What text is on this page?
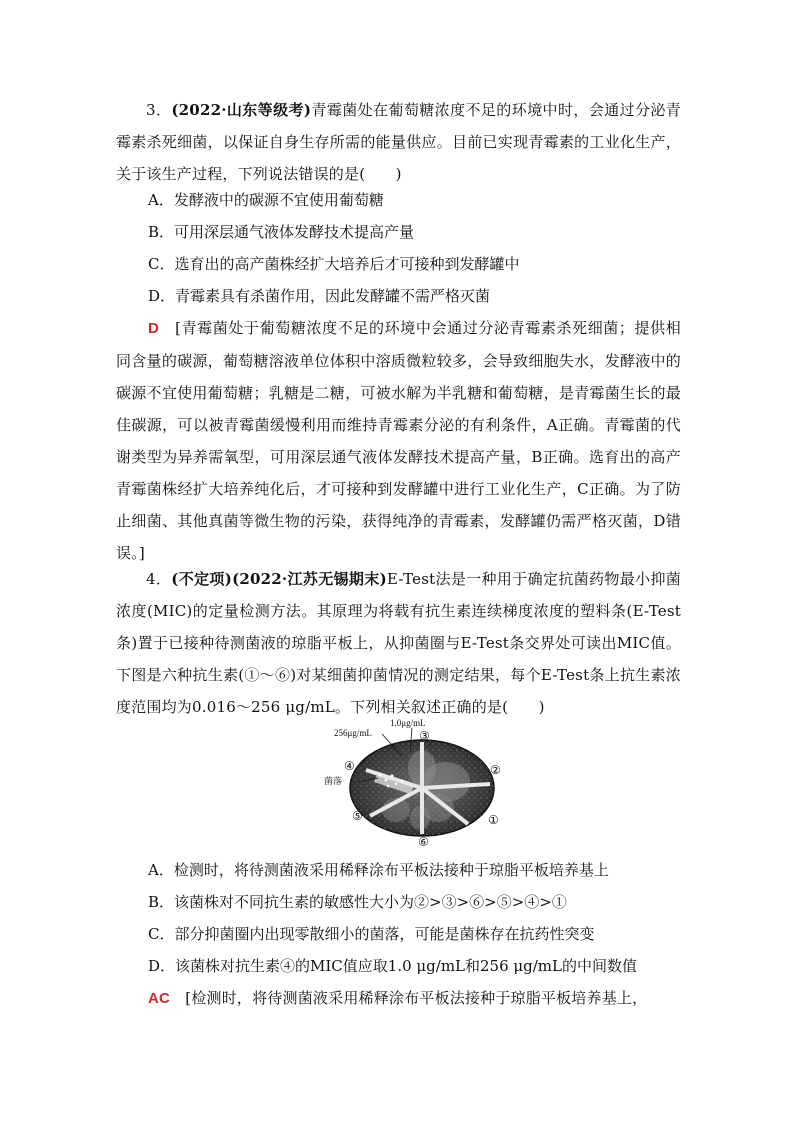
3．(2022·山东等级考)青霉菌处在葡萄糖浓度不足的环境中时，会通过分泌青霉素杀死细菌，以保证自身生存所需的能量供应。目前已实现青霉素的工业化生产，关于该生产过程，下列说法错误的是(　　)
A．发酵液中的碳源不宜使用葡萄糖
B．可用深层通气液体发酵技术提高产量
C．选育出的高产菌株经扩大培养后才可接种到发酵罐中
D．青霉素具有杀菌作用，因此发酵罐不需严格灭菌
D　 [青霉菌处于葡萄糖浓度不足的环境中会通过分泌青霉素杀死细菌；提供相同含量的碳源，葡萄糖溶液单位体积中溶质微粒较多，会导致细胞失水，发酵液中的碳源不宜使用葡萄糖；乳糖是二糖，可被水解为半乳糖和葡萄糖，是青霉菌生长的最佳碳源，可以被青霉菌缓慢利用而维持青霉素分泌的有利条件，A正确。青霉菌的代谢类型为异养需氧型，可用深层通气液体发酵技术提高产量，B正确。选育出的高产青霉菌株经扩大培养纯化后，才可接种到发酵罐中进行工业化生产，C正确。为了防止细菌、其他真菌等微生物的污染，获得纯净的青霉素，发酵罐仍需严格灭菌，D错误。]
4．(不定项)(2022·江苏无锡期末)E-Test法是一种用于确定抗菌药物最小抑菌浓度(MIC)的定量检测方法。其原理为将载有抗生素连续梯度浓度的塑料条(E-Test条)置于已接种待测菌液的琼脂平板上，从抑菌圈与E-Test条交界处可读出MIC值。下图是六种抗生素(①～⑥)对某细菌抑菌情况的测定结果，每个E-Test条上抗生素浓度范围均为0.016～256 μg/mL。下列相关叙述正确的是(　　)
256μg/mL
1.0μg/mL
菌落
①
②
③
④
⑤
⑥
A．检测时，将待测菌液采用稀释涂布平板法接种于琼脂平板培养基上
B．该菌株对不同抗生素的敏感性大小为②>③>⑥>⑤>④>①
C．部分抑菌圈内出现零散细小的菌落，可能是菌株存在抗药性突变
D．该菌株对抗生素④的MIC值应取1.0 μg/mL和256 μg/mL的中间数值
AC　 [检测时，将待测菌液采用稀释涂布平板法接种于琼脂平板培养基上，
